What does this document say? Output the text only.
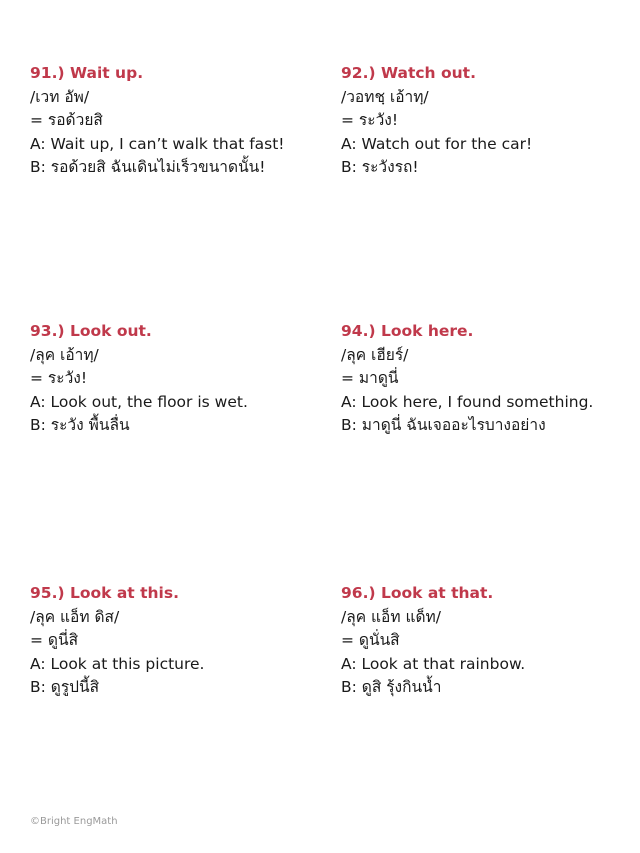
91.) Wait up.
/เวท อัพ/
= รอด้วยสิ
A: Wait up, I can’t walk that fast!
B: รอด้วยสิ ฉันเดินไม่เร็วขนาดนั้น!
92.) Watch out.
/วอทชฺ เอ้าทฺ/
= ระวัง!
A: Watch out for the car!
B: ระวังรถ!
93.) Look out.
/ลุค เอ้าทฺ/
= ระวัง!
A: Look out, the floor is wet.
B: ระวัง พื้นลื่น
94.) Look here.
/ลุค เฮียร์/
= มาดูนี่
A: Look here, I found something.
B: มาดูนี่ ฉันเจออะไรบางอย่าง
95.) Look at this.
/ลุค แอ็ท ดิส/
= ดูนี่สิ
A: Look at this picture.
B: ดูรูปนี้สิ
96.) Look at that.
/ลุค แอ็ท แด็ท/
= ดูนั่นสิ
A: Look at that rainbow.
B: ดูสิ รุ้งกินน้ำ
©Bright EngMath
